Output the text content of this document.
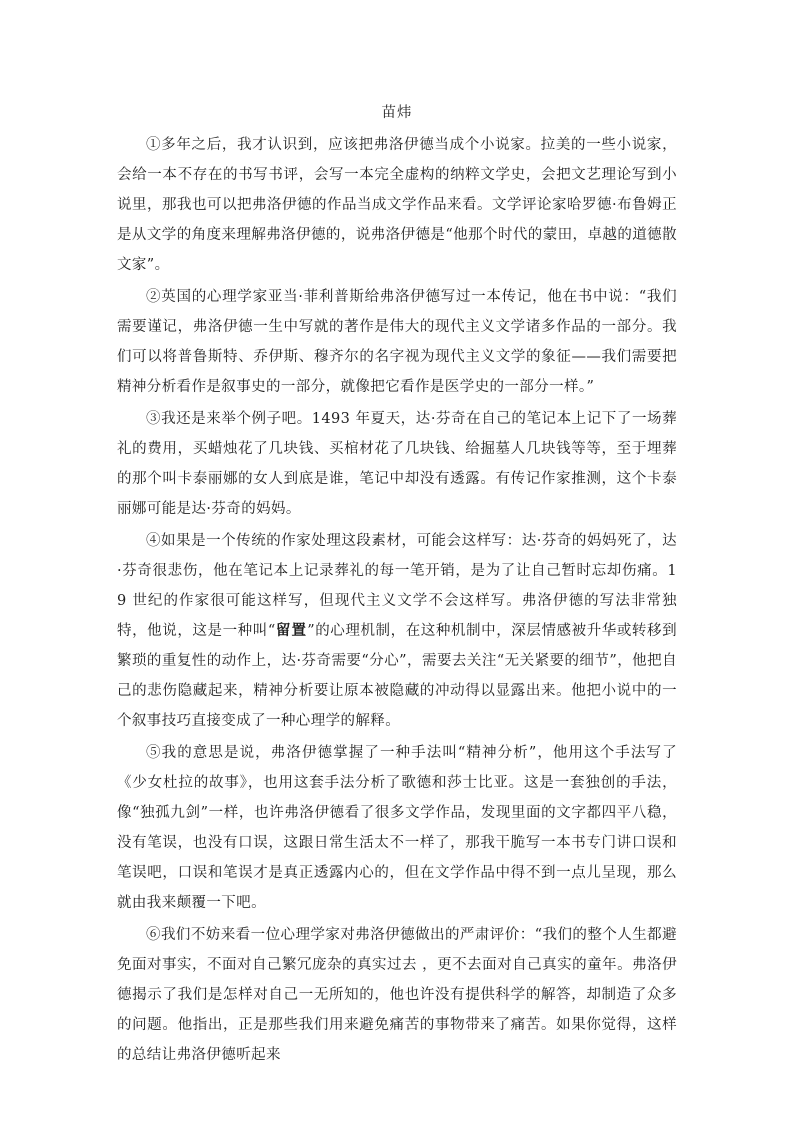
苗炜

①多年之后，我才认识到，应该把弗洛伊德当成个小说家。拉美的一些小说家，会给一本不存在的书写书评，会写一本完全虚构的纳粹文学史，会把文艺理论写到小说里，那我也可以把弗洛伊德的作品当成文学作品来看。文学评论家哈罗德·布鲁姆正是从文学的角度来理解弗洛伊德的，说弗洛伊德是“他那个时代的蒙田，卓越的道德散文家”。

②英国的心理学家亚当·菲利普斯给弗洛伊德写过一本传记，他在书中说：“我们需要谨记，弗洛伊德一生中写就的著作是伟大的现代主义文学诸多作品的一部分。我们可以将普鲁斯特、乔伊斯、穆齐尔的名字视为现代主义文学的象征——我们需要把精神分析看作是叙事史的一部分，就像把它看作是医学史的一部分一样。”

③我还是来举个例子吧。1493 年夏天，达·芬奇在自己的笔记本上记下了一场葬礼的费用，买蜡烛花了几块钱、买棺材花了几块钱、给掘墓人几块钱等等，至于埋葬的那个叫卡泰丽娜的女人到底是谁，笔记中却没有透露。有传记作家推测，这个卡泰丽娜可能是达·芬奇的妈妈。

④如果是一个传统的作家处理这段素材，可能会这样写：达·芬奇的妈妈死了，达·芬奇很悲伤，他在笔记本上记录葬礼的每一笔开销，是为了让自己暂时忘却伤痛。19 世纪的作家很可能这样写，但现代主义文学不会这样写。弗洛伊德的写法非常独特，他说，这是一种叫“留置”的心理机制，在这种机制中，深层情感被升华或转移到繁琐的重复性的动作上，达·芬奇需要“分心”，需要去关注“无关紧要的细节”，他把自己的悲伤隐藏起来，精神分析要让原本被隐藏的冲动得以显露出来。他把小说中的一个叙事技巧直接变成了一种心理学的解释。

⑤我的意思是说，弗洛伊德掌握了一种手法叫“精神分析”，他用这个手法写了《少女杜拉的故事》，也用这套手法分析了歌德和莎士比亚。这是一套独创的手法，像“独孤九剑”一样，也许弗洛伊德看了很多文学作品，发现里面的文字都四平八稳，没有笔误，也没有口误，这跟日常生活太不一样了，那我干脆写一本书专门讲口误和笔误吧，口误和笔误才是真正透露内心的，但在文学作品中得不到一点儿呈现，那么就由我来颠覆一下吧。

⑥我们不妨来看一位心理学家对弗洛伊德做出的严肃评价：“我们的整个人生都避免面对事实，不面对自己繁冗庞杂的真实过去 ，更不去面对自己真实的童年。弗洛伊德揭示了我们是怎样对自己一无所知的，他也许没有提供科学的解答，却制造了众多的问题。他指出，正是那些我们用来避免痛苦的事物带来了痛苦。如果你觉得，这样的总结让弗洛伊德听起来
